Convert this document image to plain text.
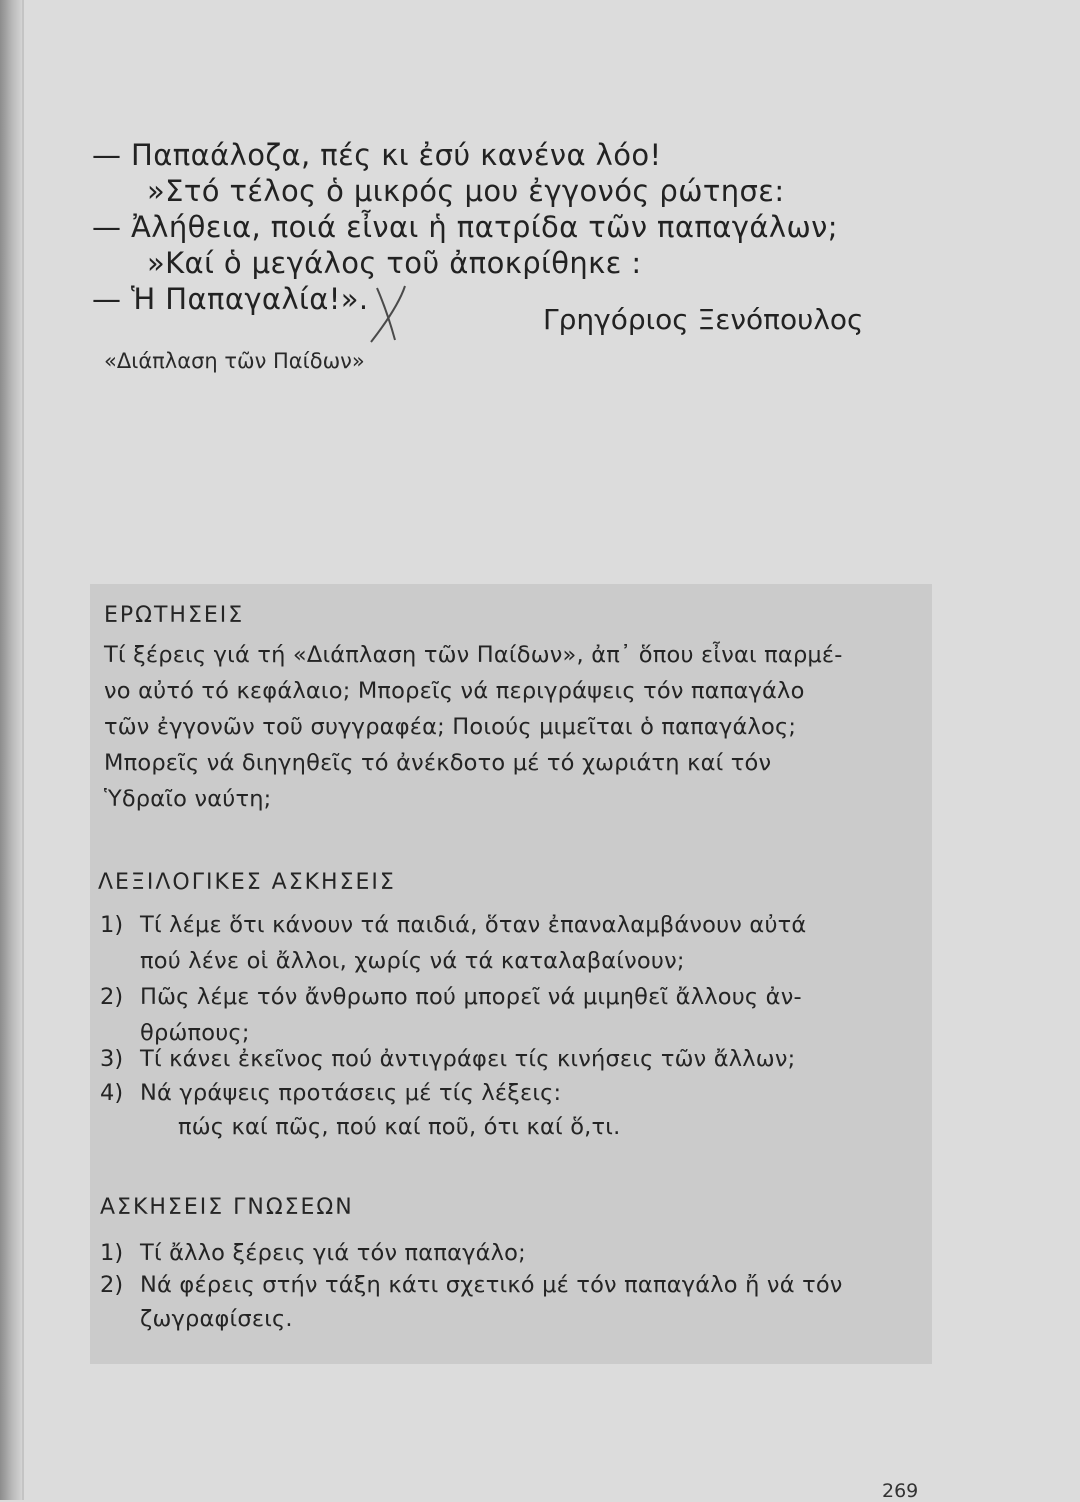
— Παπαάλοζα, πές κι ἐσύ κανένα λόο!
»Στό τέλος ὁ μικρός μου ἐγγονός ρώτησε:
— Ἀλήθεια, ποιά εἶναι ἡ πατρίδα τῶν παπαγάλων;
»Καί ὁ μεγάλος τοῦ ἀποκρίθηκε :
— Ἡ Παπαγαλία!».
Γρηγόριος Ξενόπουλος
«Διάπλαση τῶν Παίδων»
ΕΡΩΤΗΣΕΙΣ
Τί ξέρεις γιά τή «Διάπλαση τῶν Παίδων», ἀπ᾽ ὅπου εἶναι παρμέ-
νο αὐτό τό κεφάλαιο; Μπορεῖς νά περιγράψεις τόν παπαγάλο
τῶν ἐγγονῶν τοῦ συγγραφέα; Ποιούς μιμεῖται ὁ παπαγάλος;
Μπορεῖς νά διηγηθεῖς τό ἀνέκδοτο μέ τό χωριάτη καί τόν
Ὑδραῖο ναύτη;
ΛΕΞΙΛΟΓΙΚΕΣ ΑΣΚΗΣΕΙΣ
1) Τί λέμε ὅτι κάνουν τά παιδιά, ὅταν ἐπαναλαμβάνουν αὐτά
πού λένε οἱ ἄλλοι, χωρίς νά τά καταλαβαίνουν;
2) Πῶς λέμε τόν ἄνθρωπο πού μπορεῖ νά μιμηθεῖ ἄλλους ἀν-
θρώπους;
3) Τί κάνει ἐκεῖνος πού ἀντιγράφει τίς κινήσεις τῶν ἄλλων;
4) Νά γράψεις προτάσεις μέ τίς λέξεις:
πώς καί πῶς, πού καί ποῦ, ότι καί ὅ,τι.
ΑΣΚΗΣΕΙΣ ΓΝΩΣΕΩΝ
1) Τί ἄλλο ξέρεις γιά τόν παπαγάλο;
2) Νά φέρεις στήν τάξη κάτι σχετικό μέ τόν παπαγάλο ἤ νά τόν
ζωγραφίσεις.
269
